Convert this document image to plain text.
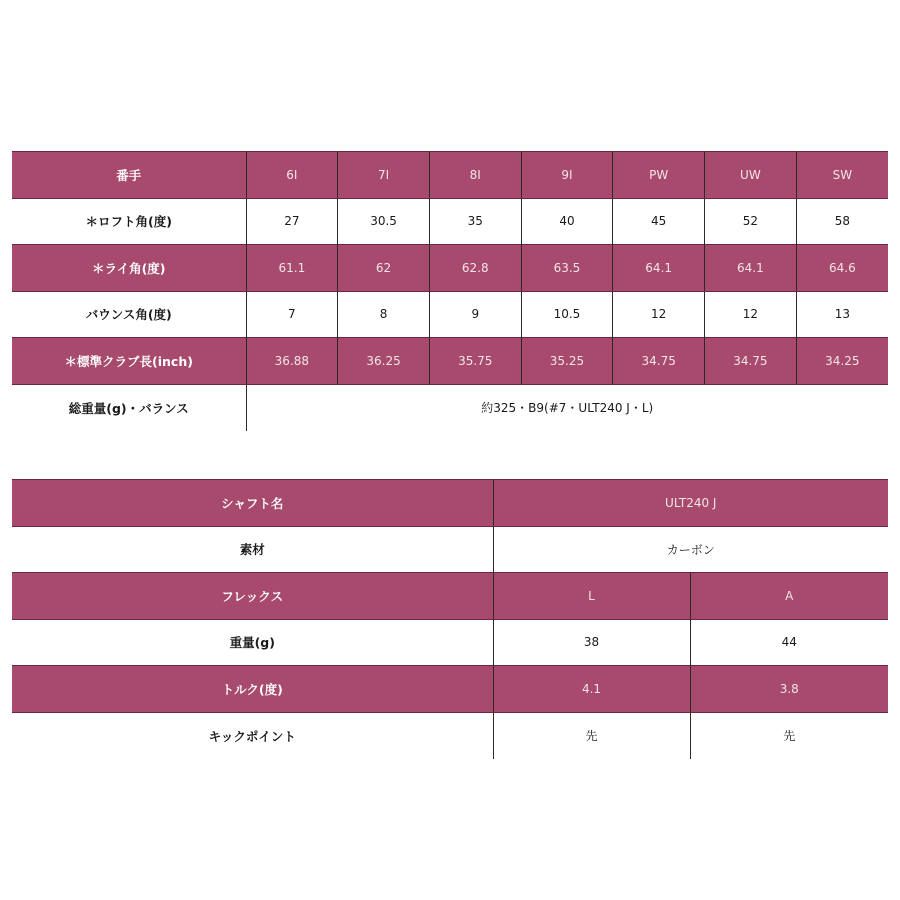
番手	6I	7I	8I	9I	PW	UW	SW
＊ロフト角(度)	27	30.5	35	40	45	52	58
＊ライ角(度)	61.1	62	62.8	63.5	64.1	64.1	64.6
バウンス角(度)	7	8	9	10.5	12	12	13
＊標準クラブ長(inch)	36.88	36.25	35.75	35.25	34.75	34.75	34.25
総重量(g)・バランス	約325・B9(#7・ULT240 J・L)						
シャフト名	ULT240 J	
素材	カーボン	
フレックス	L	A
重量(g)	38	44
トルク(度)	4.1	3.8
キックポイント	先	先
